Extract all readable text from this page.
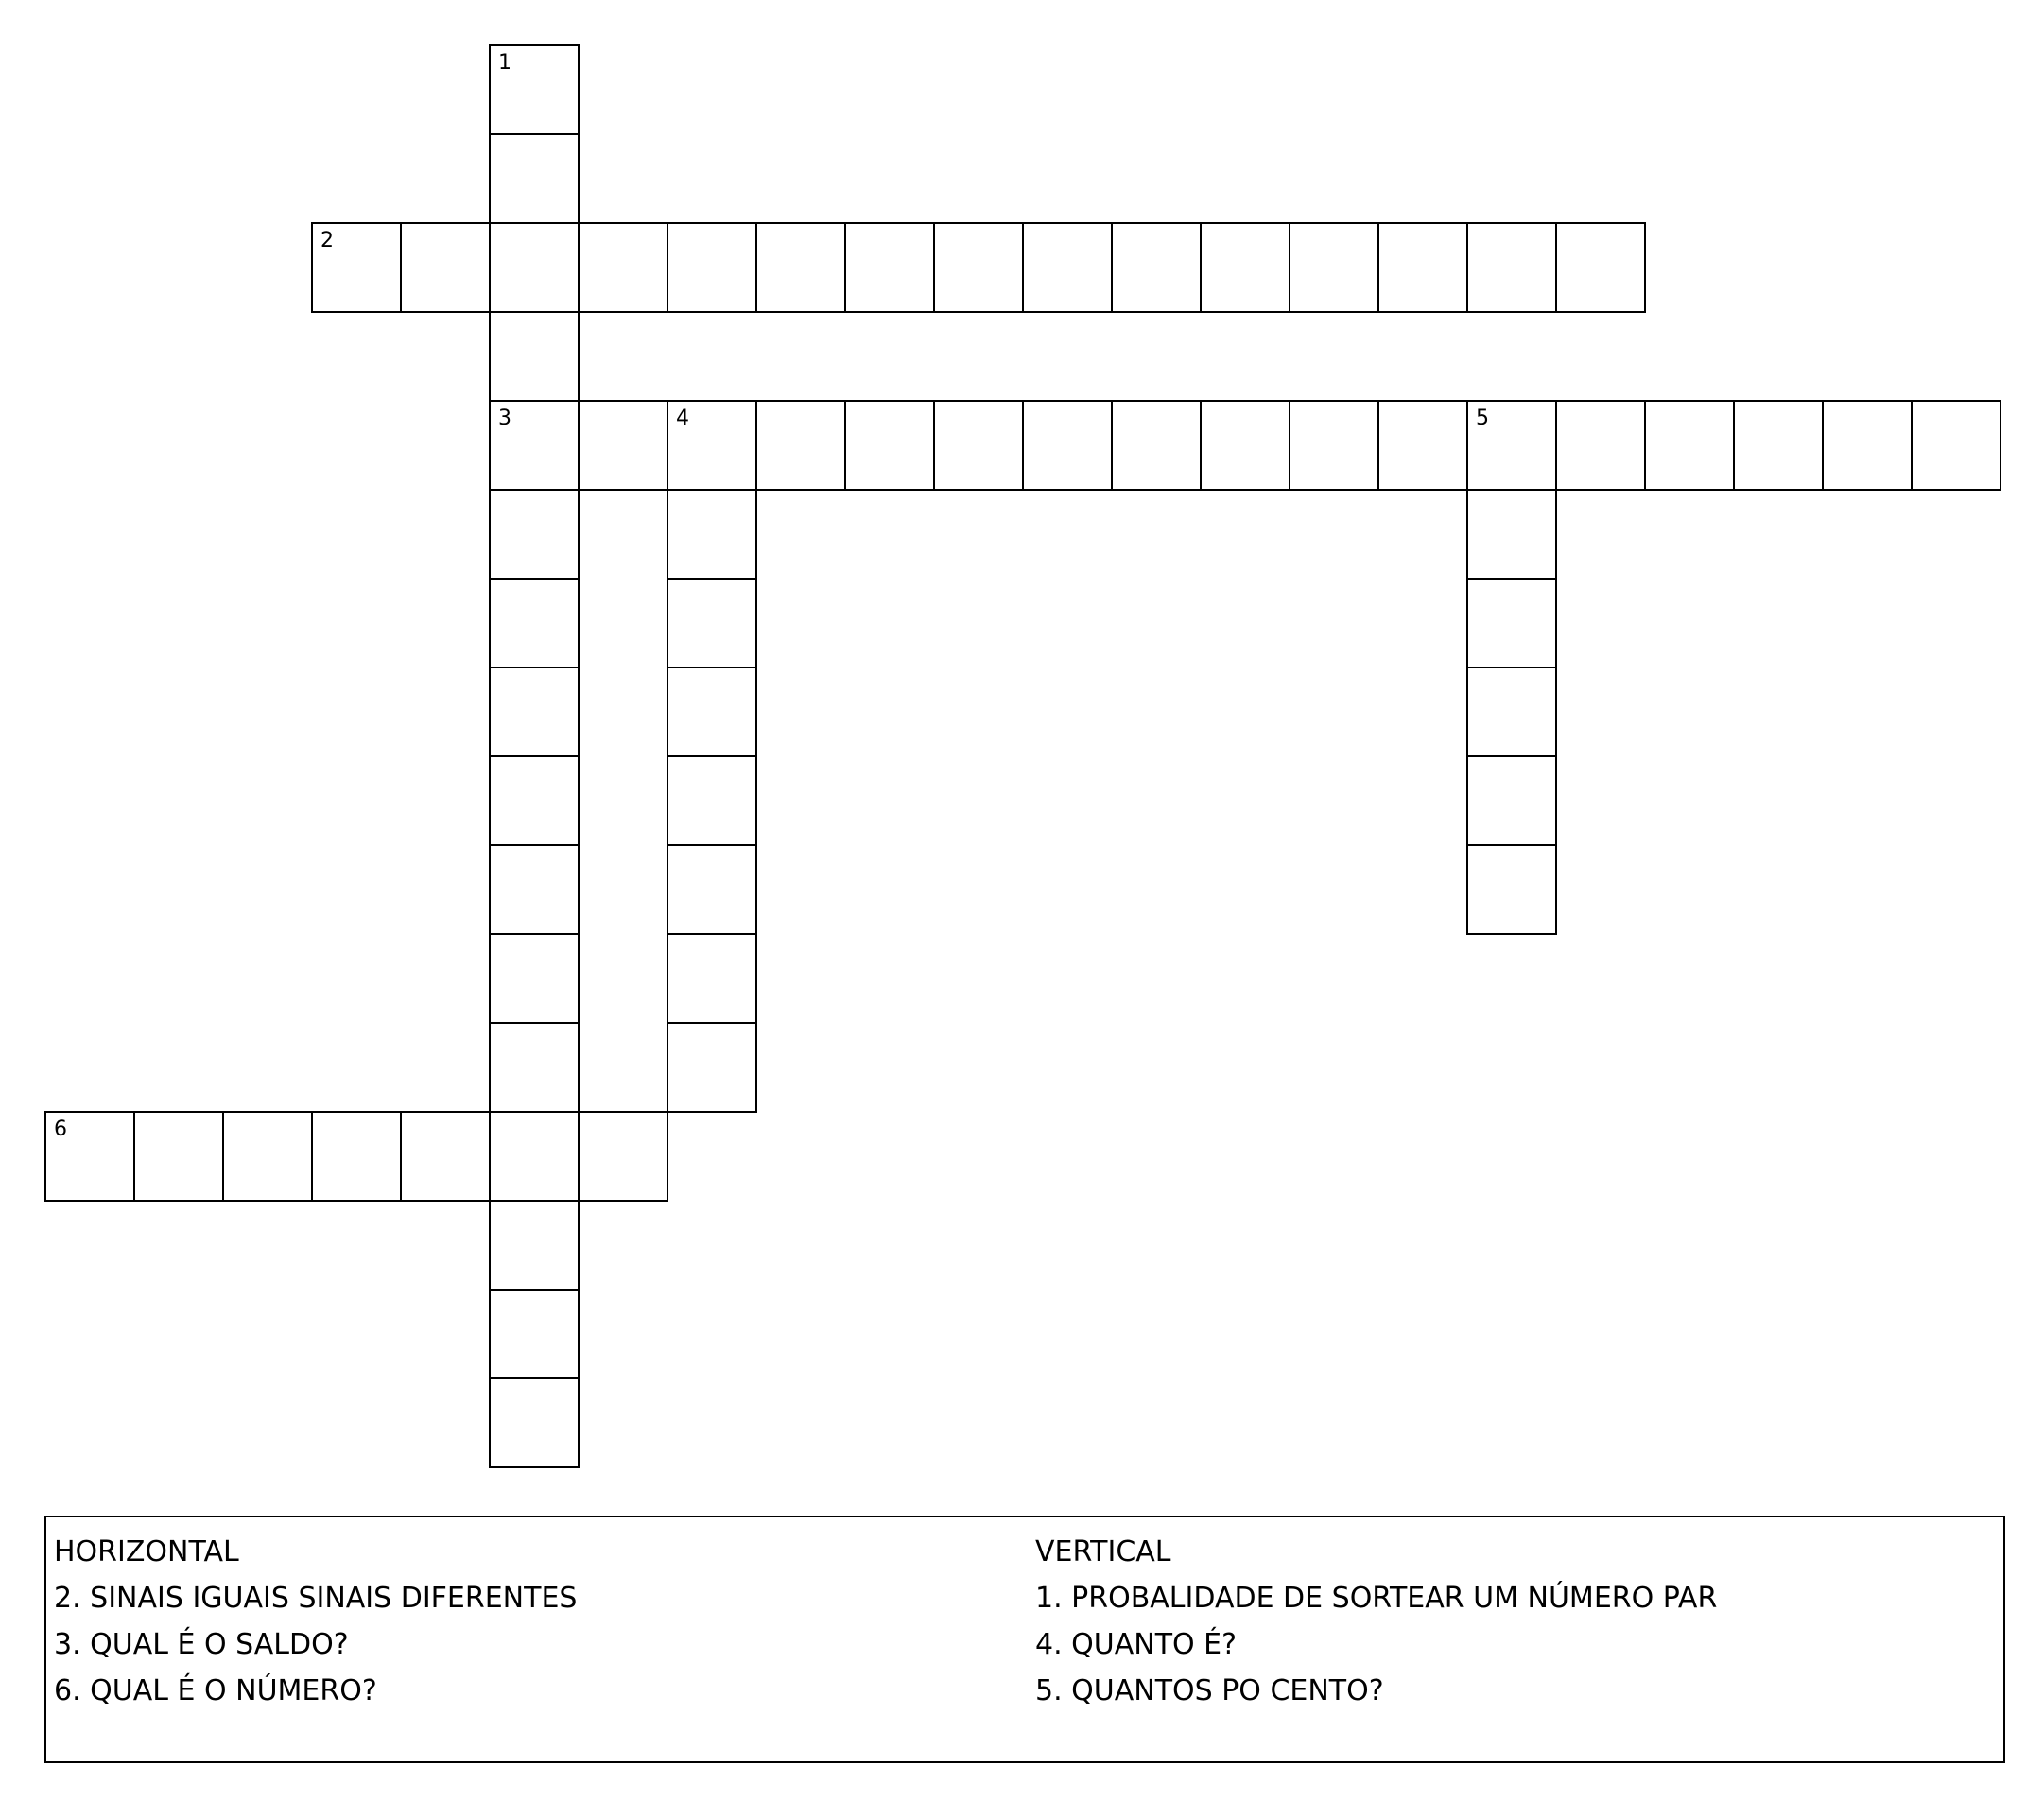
2
3	4	5
6
1
HORIZONTAL
2. SINAIS IGUAIS SINAIS DIFERENTES
3. QUAL É O SALDO?
6. QUAL É O NÚMERO?
VERTICAL
1. PROBALIDADE DE SORTEAR UM NÚMERO PAR
4. QUANTO É?
5. QUANTOS PO CENTO?
